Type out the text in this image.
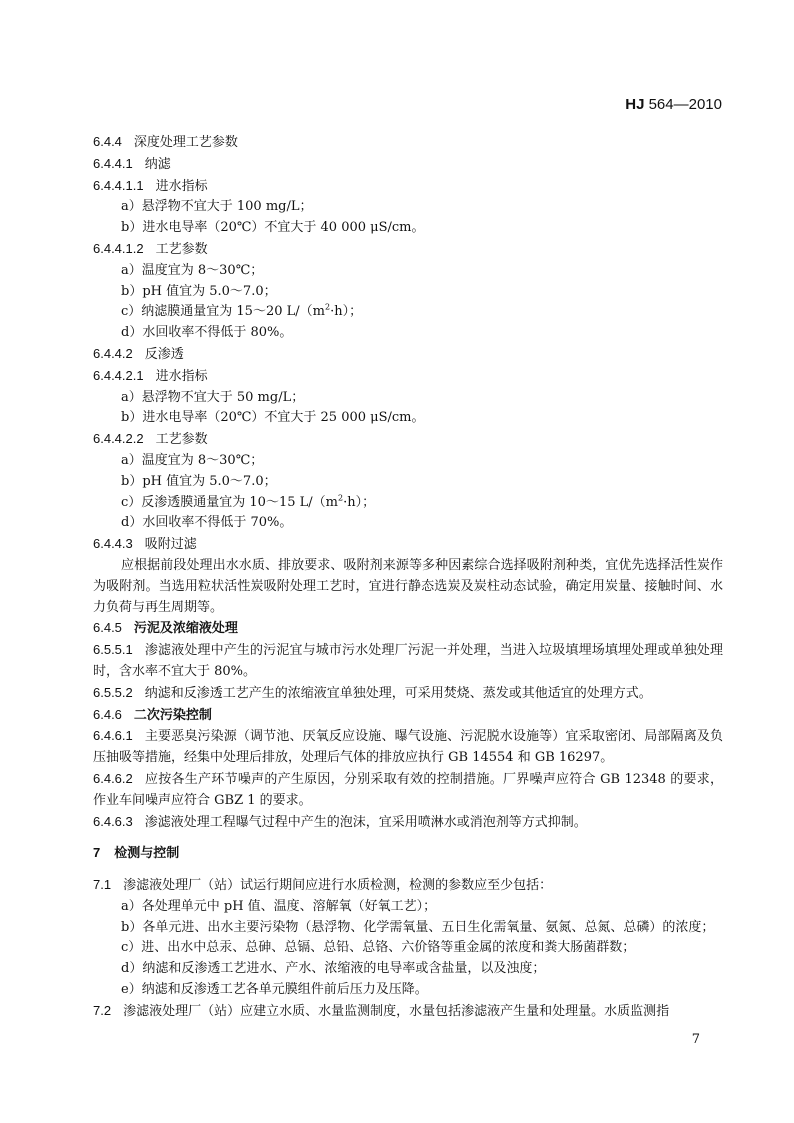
HJ 564—2010
6.4.4 深度处理工艺参数
6.4.4.1 纳滤
6.4.4.1.1 进水指标
a）悬浮物不宜大于 100 mg/L；
b）进水电导率（20℃）不宜大于 40 000 μS/cm。
6.4.4.1.2 工艺参数
a）温度宜为 8～30℃；
b）pH 值宜为 5.0～7.0；
c）纳滤膜通量宜为 15～20 $L/(m^2\cdot h)$；
d）水回收率不得低于 80%。
6.4.4.2 反渗透
6.4.4.2.1 进水指标
a）悬浮物不宜大于 50 mg/L；
b）进水电导率（20℃）不宜大于 25 000 μS/cm。
6.4.4.2.2 工艺参数
a）温度宜为 8～30℃；
b）pH 值宜为 5.0～7.0；
c）反渗透膜通量宜为 10～15 $L/(m^2\cdot h)$；
d）水回收率不得低于 70%。
6.4.4.3 吸附过滤
应根据前段处理出水水质、排放要求、吸附剂来源等多种因素综合选择吸附剂种类，宜优先选择活性炭作为吸附剂。当选用粒状活性炭吸附处理工艺时，宜进行静态选炭及炭柱动态试验，确定用炭量、接触时间、水力负荷与再生周期等。
6.4.5 污泥及浓缩液处理
6.5.5.1 渗滤液处理中产生的污泥宜与城市污水处理厂污泥一并处理，当进入垃圾填埋场填埋处理或单独处理时，含水率不宜大于 80%。
6.5.5.2 纳滤和反渗透工艺产生的浓缩液宜单独处理，可采用焚烧、蒸发或其他适宜的处理方式。
6.4.6 二次污染控制
6.4.6.1 主要恶臭污染源（调节池、厌氧反应设施、曝气设施、污泥脱水设施等）宜采取密闭、局部隔离及负压抽吸等措施，经集中处理后排放，处理后气体的排放应执行 GB 14554 和 GB 16297。
6.4.6.2 应按各生产环节噪声的产生原因，分别采取有效的控制措施。厂界噪声应符合 GB 12348 的要求，作业车间噪声应符合 GBZ 1 的要求。
6.4.6.3 渗滤液处理工程曝气过程中产生的泡沫，宜采用喷淋水或消泡剂等方式抑制。
7 检测与控制
7.1 渗滤液处理厂（站）试运行期间应进行水质检测，检测的参数应至少包括：
a）各处理单元中 pH 值、温度、溶解氧（好氧工艺）；
b）各单元进、出水主要污染物（悬浮物、化学需氧量、五日生化需氧量、氨氮、总氮、总磷）的浓度；
c）进、出水中总汞、总砷、总镉、总铅、总铬、六价铬等重金属的浓度和粪大肠菌群数；
d）纳滤和反渗透工艺进水、产水、浓缩液的电导率或含盐量，以及浊度；
e）纳滤和反渗透工艺各单元膜组件前后压力及压降。
7.2 渗滤液处理厂（站）应建立水质、水量监测制度，水量包括渗滤液产生量和处理量。水质监测指
7
